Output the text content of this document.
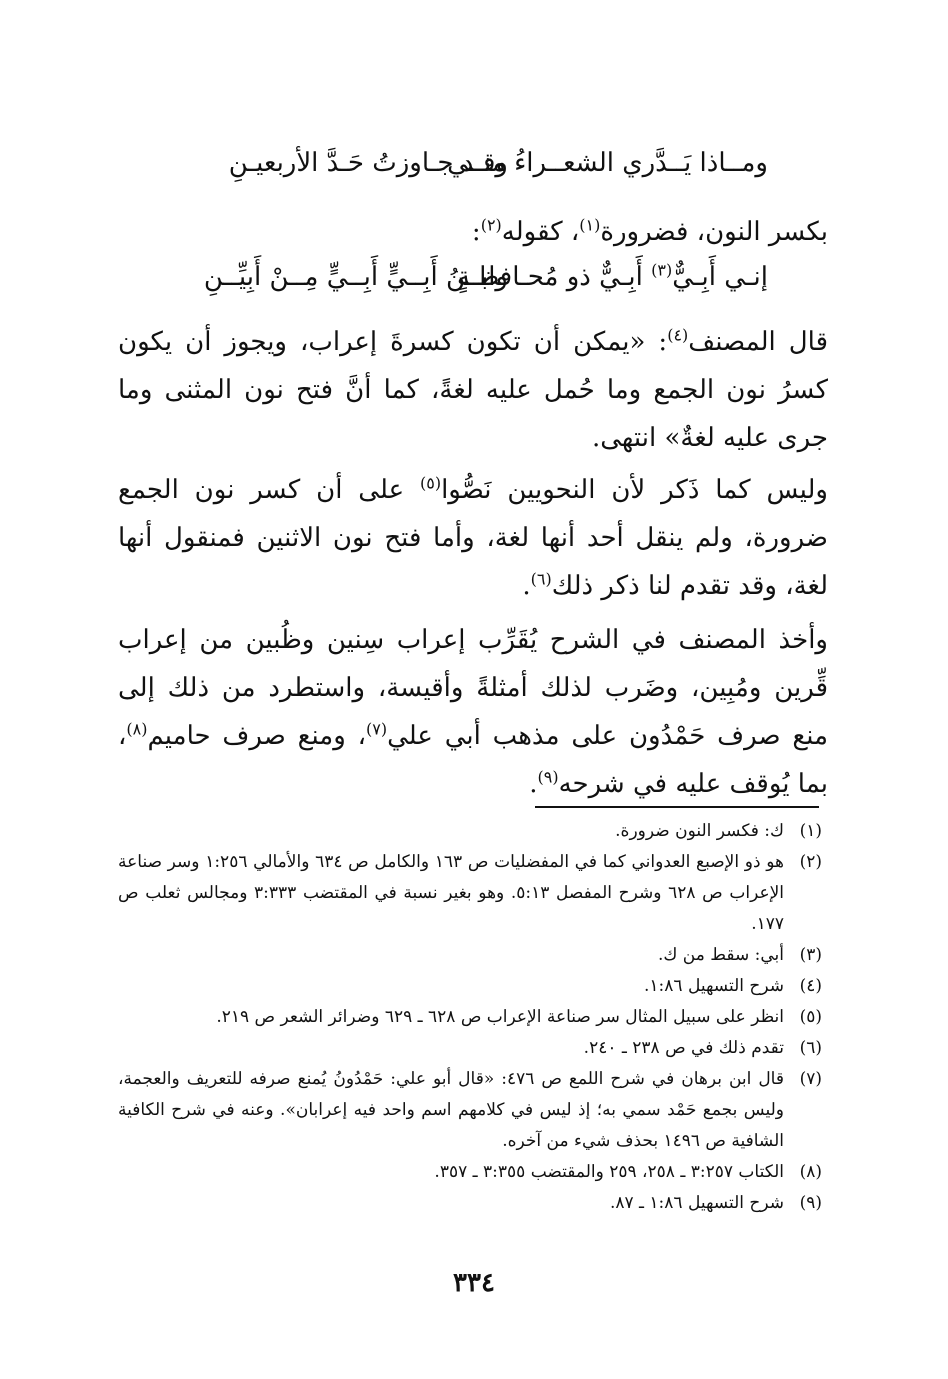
ومــاذا يَــدَّري الشعــراءُ منــي
وقـد جـاوزتُ حَـدَّ الأربعيـنِ

بكسر النون، فضرورة$^{(١)}$، كقوله$^{(٢)}$:

إنـي أَبِـيٌّ$^{(٣)}$ أَبِـيٌّ ذو مُحـافظـةٍ
وابــنُ أَبِــيٍّ أَبِــيٍّ مِــنْ أَبِيِّــنِ

قال المصنف$^{(٤)}$: «يمكن أن تكون كسرةَ إعراب، ويجوز أن يكون كسرُ نون الجمع وما حُمل عليه لغةً، كما أنَّ فتح نون المثنى وما جرى عليه لغةٌ» انتهى.

وليس كما ذَكر لأن النحويين نَصُّوا$^{(٥)}$ على أن كسر نون الجمع ضرورة، ولم ينقل أحد أنها لغة، وأما فتح نون الاثنين فمنقول أنها لغة، وقد تقدم لنا ذكر ذلك$^{(٦)}$.

وأخذ المصنف في الشرح يُقَرِّب إعراب سِنين وظُبين من إعراب قِّرين ومُبِين، وضَرب لذلك أمثلةً وأقيسة، واستطرد من ذلك إلى منع صرف حَمْدُون على مذهب أبي علي$^{(٧)}$، ومنع صرف حاميم$^{(٨)}$، بما يُوقف عليه في شرحه$^{(٩)}$.

(١)
ك: فكسر النون ضرورة.
(٢)
هو ذو الإصبع العدواني كما في المفضليات ص ١٦٣ والكامل ص ٦٣٤ والأمالي ١:٢٥٦ وسر صناعة الإعراب ص ٦٢٨ وشرح المفصل ٥:١٣. وهو بغير نسبة في المقتضب ٣:٣٣٣ ومجالس ثعلب ص ١٧٧.
(٣)
أبي: سقط من ك.
(٤)
شرح التسهيل ١:٨٦.
(٥)
انظر على سبيل المثال سر صناعة الإعراب ص ٦٢٨ ـ ٦٢٩ وضرائر الشعر ص ٢١٩.
(٦)
تقدم ذلك في ص ٢٣٨ ـ ٢٤٠.
(٧)
قال ابن برهان في شرح اللمع ص ٤٧٦: «قال أبو علي: حَمْدُونُ يُمنع صرفه للتعريف والعجمة، وليس بجمع حَمْد سمي به؛ إذ ليس في كلامهم اسم واحد فيه إعرابان». وعنه في شرح الكافية الشافية ص ١٤٩٦ بحذف شيء من آخره.
(٨)
الكتاب ٣:٢٥٧ ـ ٢٥٨، ٢٥٩ والمقتضب ٣:٣٥٥ ـ ٣٥٧.
(٩)
شرح التسهيل ١:٨٦ ـ ٨٧.
٣٣٤
